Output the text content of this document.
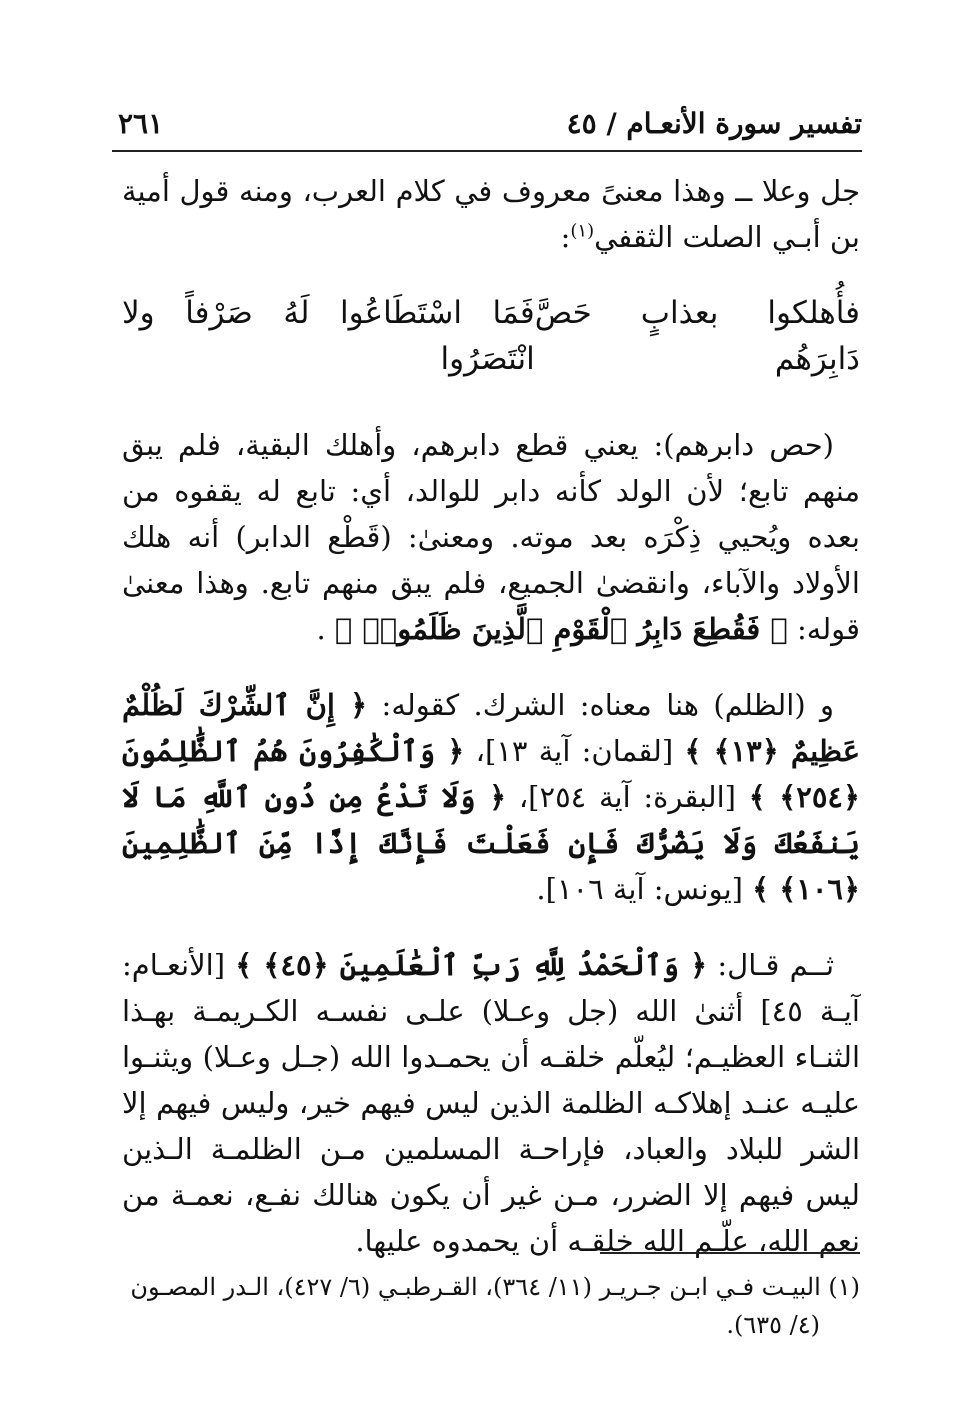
تفسير سورة الأنعـام / ٤٥
٢٦١

جل وعلا ــ وهذا معنىً معروف في كلام العرب، ومنه قول أمية بن أبـي الصلت الثقفي$^{(١)}$:

فأُهلكوا بعذابٍ حَصَّ دَابِرَهُم
فَمَا اسْتَطَاعُوا لَهُ صَرْفاً ولا انْتَصَرُوا

(حص دابرهم): يعني قطع دابرهم، وأهلك البقية، فلم يبق منهم تابع؛ لأن الولد كأنه دابر للوالد، أي: تابع له يقفوه من بعده ويُحيي ذِكْرَه بعد موته. ومعنىٰ: (قَطْع الدابر) أنه هلك الأولاد والآباء، وانقضىٰ الجميع، فلم يبق منهم تابع. وهذا معنىٰ قوله: ﴿ فَقُطِعَ دَابِرُ ٱلْقَوْمِ ٱلَّذِينَ ظَلَمُوا۟ ﴾ .

و (الظلم) هنا معناه: الشرك. كقوله: ﴿ إِنَّ ٱلشِّرْكَ لَظُلْمٌ عَظِيمٌ ﴿١٣﴾ ﴾ [لقمان: آية ١٣]، ﴿ وَٱلْكَٰفِرُونَ هُمُ ٱلظَّٰلِمُونَ ﴿٢٥٤﴾ ﴾ [البقرة: آية ٢٥٤]، ﴿ وَلَا تَدْعُ مِن دُونِ ٱللَّهِ مَا لَا يَنفَعُكَ وَلَا يَضُرُّكَ فَإِن فَعَلْتَ فَإِنَّكَ إِذًا مِّنَ ٱلظَّٰلِمِينَ ﴿١٠٦﴾ ﴾ [يونس: آية ١٠٦].

ثــم قـال: ﴿ وَٱلْحَمْدُ لِلَّهِ رَبِّ ٱلْعَٰلَمِينَ ﴿٤٥﴾ ﴾ [الأنعـام: آيـة ٤٥] أثنىٰ الله (جل وعـلا) علـى نفسـه الكـريمـة بهـذا الثنـاء العظيـم؛ ليُعلّم خلقـه أن يحمـدوا الله (جـل وعـلا) ويثنـوا عليـه عنـد إهلاكـه الظلمة الذين ليس فيهم خير، وليس فيهم إلا الشر للبلاد والعباد، فإراحـة المسلمين مـن الظلمـة الـذين ليس فيهم إلا الضرر، مـن غير أن يكون هنالك نفـع، نعمـة من نعم الله، علّـم الله خلقـه أن يحمدوه عليها.

(١) البيـت فـي ابـن جـريـر (١١/ ٣٦٤)، القـرطبـي (٦/ ٤٢٧)، الـدر المصـون
(٤/ ٦٣٥).
